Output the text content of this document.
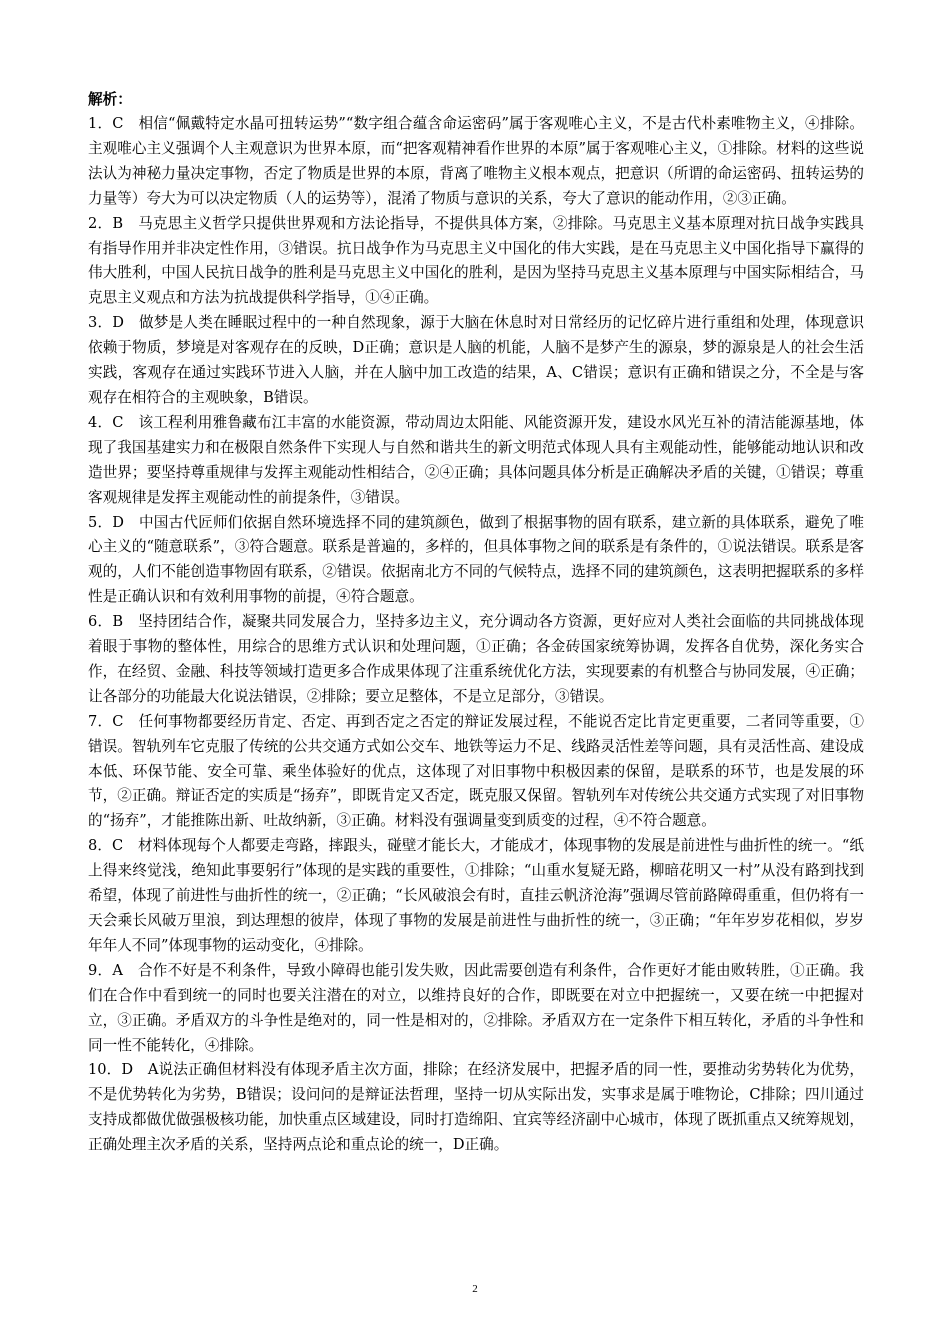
解析：

1．C　相信“佩戴特定水晶可扭转运势”“数字组合蕴含命运密码”属于客观唯心主义，不是古代朴素唯物主义，④排除。主观唯心主义强调个人主观意识为世界本原，而“把客观精神看作世界的本原”属于客观唯心主义，①排除。材料的这些说法认为神秘力量决定事物，否定了物质是世界的本原，背离了唯物主义根本观点，把意识（所谓的命运密码、扭转运势的力量等）夸大为可以决定物质（人的运势等），混淆了物质与意识的关系，夸大了意识的能动作用，②③正确。

2．B　马克思主义哲学只提供世界观和方法论指导，不提供具体方案，②排除。马克思主义基本原理对抗日战争实践具有指导作用并非决定性作用，③错误。抗日战争作为马克思主义中国化的伟大实践，是在马克思主义中国化指导下赢得的伟大胜利，中国人民抗日战争的胜利是马克思主义中国化的胜利，是因为坚持马克思主义基本原理与中国实际相结合，马克思主义观点和方法为抗战提供科学指导，①④正确。

3．D　做梦是人类在睡眠过程中的一种自然现象，源于大脑在休息时对日常经历的记忆碎片进行重组和处理，体现意识依赖于物质，梦境是对客观存在的反映，D正确；意识是人脑的机能，人脑不是梦产生的源泉，梦的源泉是人的社会生活实践，客观存在通过实践环节进入人脑，并在人脑中加工改造的结果，A、C错误；意识有正确和错误之分，不全是与客观存在相符合的主观映象，B错误。

4．C　该工程利用雅鲁藏布江丰富的水能资源，带动周边太阳能、风能资源开发，建设水风光互补的清洁能源基地，体现了我国基建实力和在极限自然条件下实现人与自然和谐共生的新文明范式体现人具有主观能动性，能够能动地认识和改造世界；要坚持尊重规律与发挥主观能动性相结合，②④正确；具体问题具体分析是正确解决矛盾的关键，①错误；尊重客观规律是发挥主观能动性的前提条件，③错误。

5．D　中国古代匠师们依据自然环境选择不同的建筑颜色，做到了根据事物的固有联系，建立新的具体联系，避免了唯心主义的“随意联系”，③符合题意。联系是普遍的，多样的，但具体事物之间的联系是有条件的，①说法错误。联系是客观的，人们不能创造事物固有联系，②错误。依据南北方不同的气候特点，选择不同的建筑颜色，这表明把握联系的多样性是正确认识和有效利用事物的前提，④符合题意。

6．B　坚持团结合作，凝聚共同发展合力，坚持多边主义，充分调动各方资源，更好应对人类社会面临的共同挑战体现着眼于事物的整体性，用综合的思维方式认识和处理问题，①正确；各金砖国家统筹协调，发挥各自优势，深化务实合作，在经贸、金融、科技等领域打造更多合作成果体现了注重系统优化方法，实现要素的有机整合与协同发展，④正确；让各部分的功能最大化说法错误，②排除；要立足整体，不是立足部分，③错误。

7．C　任何事物都要经历肯定、否定、再到否定之否定的辩证发展过程，不能说否定比肯定更重要，二者同等重要，①错误。智轨列车它克服了传统的公共交通方式如公交车、地铁等运力不足、线路灵活性差等问题，具有灵活性高、建设成本低、环保节能、安全可靠、乘坐体验好的优点，这体现了对旧事物中积极因素的保留，是联系的环节，也是发展的环节，②正确。辩证否定的实质是“扬弃”，即既肯定又否定，既克服又保留。智轨列车对传统公共交通方式实现了对旧事物的“扬弃”，才能推陈出新、吐故纳新，③正确。材料没有强调量变到质变的过程，④不符合题意。

8．C　材料体现每个人都要走弯路，摔跟头，碰壁才能长大，才能成才，体现事物的发展是前进性与曲折性的统一。“纸上得来终觉浅，绝知此事要躬行”体现的是实践的重要性，①排除；“山重水复疑无路，柳暗花明又一村”从没有路到找到希望，体现了前进性与曲折性的统一，②正确；“长风破浪会有时，直挂云帆济沧海”强调尽管前路障碍重重，但仍将有一天会乘长风破万里浪，到达理想的彼岸，体现了事物的发展是前进性与曲折性的统一，③正确；“年年岁岁花相似，岁岁年年人不同”体现事物的运动变化，④排除。

9．A　合作不好是不利条件，导致小障碍也能引发失败，因此需要创造有利条件，合作更好才能由败转胜，①正确。我们在合作中看到统一的同时也要关注潜在的对立，以维持良好的合作，即既要在对立中把握统一，又要在统一中把握对立，③正确。矛盾双方的斗争性是绝对的，同一性是相对的，②排除。矛盾双方在一定条件下相互转化，矛盾的斗争性和同一性不能转化，④排除。

10．D　A说法正确但材料没有体现矛盾主次方面，排除；在经济发展中，把握矛盾的同一性，要推动劣势转化为优势，不是优势转化为劣势，B错误；设问问的是辩证法哲理，坚持一切从实际出发，实事求是属于唯物论，C排除；四川通过支持成都做优做强极核功能，加快重点区域建设，同时打造绵阳、宜宾等经济副中心城市，体现了既抓重点又统筹规划，正确处理主次矛盾的关系，坚持两点论和重点论的统一，D正确。

2
